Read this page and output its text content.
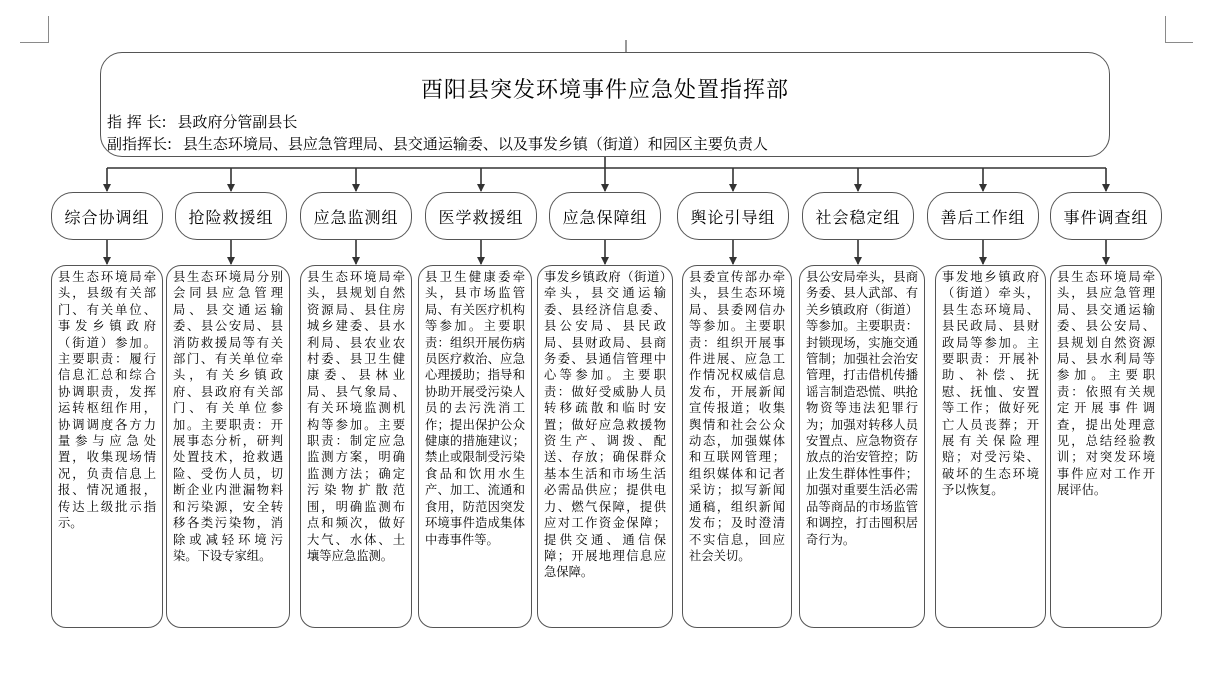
酉阳县突发环境事件应急处置指挥部
指 挥 长: 县政府分管副县长
副指挥长: 县生态环境局、县应急管理局、县交通运输委、以及事发乡镇（街道）和园区主要负责人
综合协调组	抢险救援组	应急监测组	医学救援组	应急保障组	舆论引导组	社会稳定组	善后工作组	事件调查组
县生态环境局牵头，县级有关部门、有关单位、事发乡镇政府（街道）参加。主要职责：履行信息汇总和综合协调职责，发挥运转枢纽作用，协调调度各方力量参与应急处置，收集现场情况，负责信息上报、情况通报，传达上级批示指示。
县生态环境局分别会同县应急管理局、县交通运输委、县公安局、县消防救援局等有关部门、有关单位牵头，有关乡镇政府、县政府有关部门、有关单位参加。主要职责：开展事态分析，研判处置技术，抢救遇险、受伤人员，切断企业内泄漏物料和污染源，安全转移各类污染物，消除或减轻环境污染。下设专家组。
县生态环境局牵头，县规划自然资源局、县住房城乡建委、县水利局、县农业农村委、县卫生健康委、县林业局、县气象局、有关环境监测机构等参加。主要职责：制定应急监测方案，明确监测方法；确定污染物扩散范围，明确监测布点和频次，做好大气、水体、土壤等应急监测。
县卫生健康委牵头，县市场监管局、有关医疗机构等参加。主要职责：组织开展伤病员医疗救治、应急心理援助；指导和协助开展受污染人员的去污洗消工作；提出保护公众健康的措施建议；禁止或限制受污染食品和饮用水生产、加工、流通和食用，防范因突发环境事件造成集体中毒事件等。
事发乡镇政府（街道）牵头，县交通运输委、县经济信息委、县公安局、县民政局、县财政局、县商务委、县通信管理中心等参加。主要职责：做好受威胁人员转移疏散和临时安置；做好应急救援物资生产、调拨、配送、存放；确保群众基本生活和市场生活必需品供应；提供电力、燃气保障，提供应对工作资金保障；提供交通、通信保障；开展地理信息应急保障。
县委宣传部办牵头，县生态环境局、县委网信办等参加。主要职责：组织开展事件进展、应急工作情况权威信息发布，开展新闻宣传报道；收集舆情和社会公众动态，加强媒体和互联网管理；组织媒体和记者采访；拟写新闻通稿，组织新闻发布；及时澄清不实信息，回应社会关切。
县公安局牵头，县商务委、县人武部、有关乡镇政府（街道）等参加。主要职责：封锁现场，实施交通管制；加强社会治安管理，打击借机传播谣言制造恐慌、哄抢物资等违法犯罪行为；加强对转移人员安置点、应急物资存放点的治安管控；防止发生群体性事件；加强对重要生活必需品等商品的市场监管和调控，打击囤积居奇行为。
事发地乡镇政府（街道）牵头，县生态环境局、县民政局、县财政局等参加。主要职责：开展补助、补偿、抚慰、抚恤、安置等工作；做好死亡人员丧葬；开展有关保险理赔；对受污染、破坏的生态环境予以恢复。
县生态环境局牵头，县应急管理局、县交通运输委、县公安局、县规划自然资源局、县水利局等参加。主要职责：依照有关规定开展事件调查，提出处理意见，总结经验教训；对突发环境事件应对工作开展评估。
